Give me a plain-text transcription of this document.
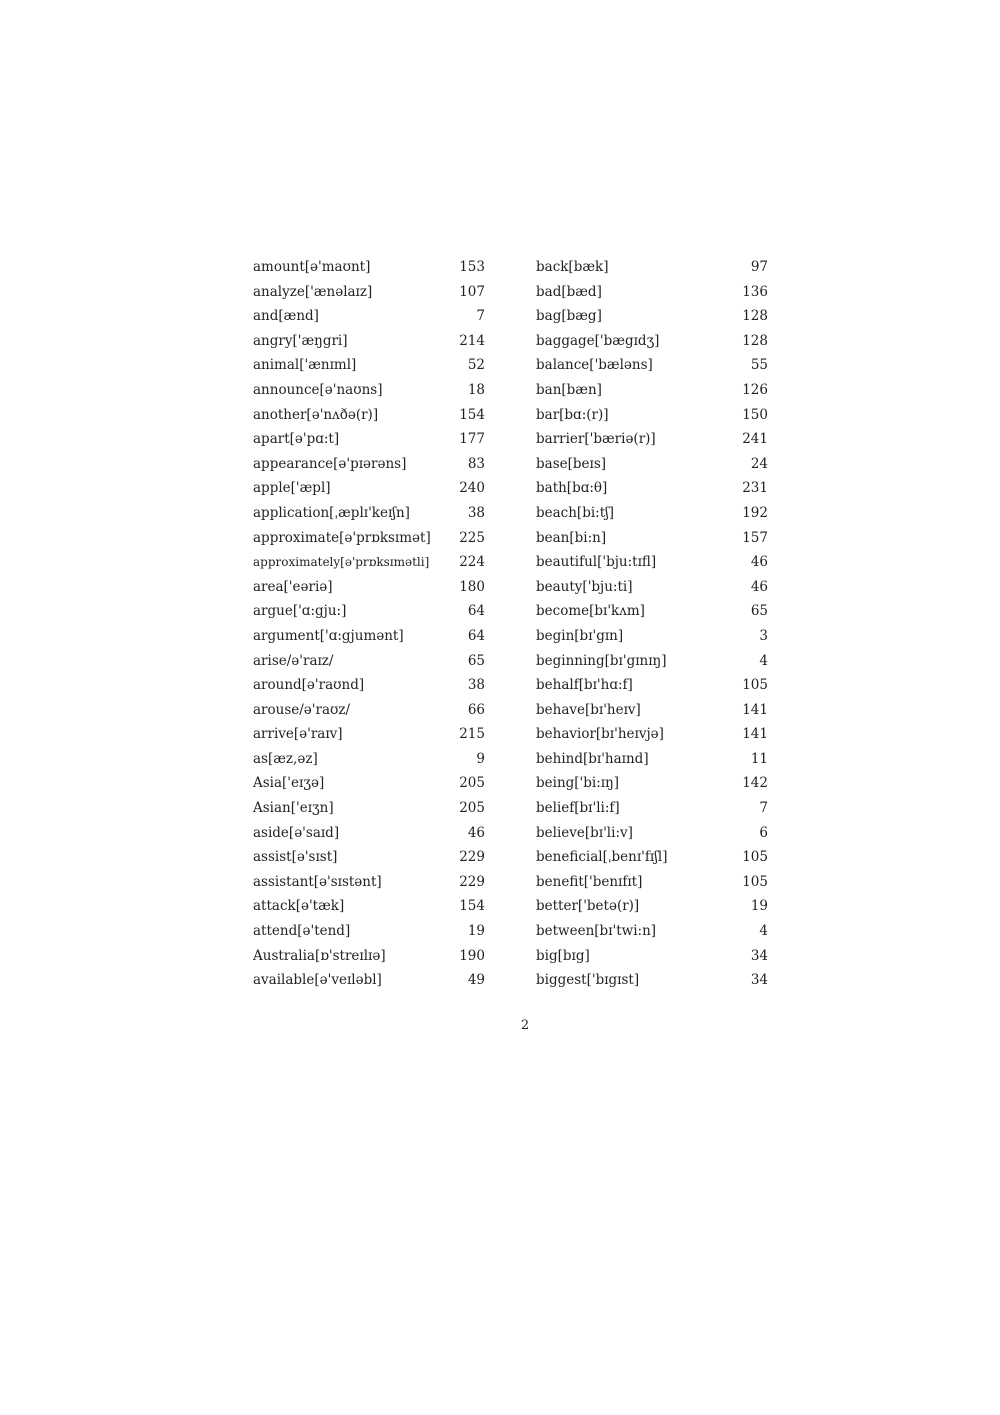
amount[ə'maʊnt]	153
analyze['ænəlaɪz]	107
and[ænd]	7
angry['æŋgri]	214
animal['ænɪml]	52
announce[ə'naʊns]	18
another[ə'nʌðə(r)]	154
apart[ə'pɑ:t]	177
appearance[ə'pɪərəns]	83
apple['æpl]	240
application[ˌæplɪ'keɪʃn]	38
approximate[ə'prɒksɪmət] 225
approximately[ə'prɒksɪmətli] 224
area['eəriə]	180
argue['ɑ:gju:]	64
argument['ɑ:gjumənt]	64
arise/ə'raɪz/	65
around[ə'raʊnd]	38
arouse/ə'raʊz/	66
arrive[ə'raɪv]	215
as[æz,əz]	9
Asia['eɪʒə]	205
Asian['eɪʒn]	205
aside[ə'saɪd]	46
assist[ə'sɪst]	229
assistant[ə'sɪstənt]	229
attack[ə'tæk]	154
attend[ə'tend]	19
Australia[ɒ'streɪlɪə]	190
available[ə'veɪləbl]	49
back[bæk]	97
bad[bæd]	136
bag[bæg]	128
baggage['bægɪdʒ]	128
balance['bæləns]	55
ban[bæn]	126
bar[bɑ:(r)]	150
barrier['bæriə(r)]	241
base[beɪs]	24
bath[bɑ:θ]	231
beach[bi:tʃ]	192
bean[bi:n]	157
beautiful['bju:tɪfl]	46
beauty['bju:ti]	46
become[bɪ'kʌm]	65
begin[bɪ'gɪn]	3
beginning[bɪ'gɪnɪŋ]	4
behalf[bɪ'hɑ:f]	105
behave[bɪ'heɪv]	141
behavior[bɪ'heɪvjə]	141
behind[bɪ'haɪnd]	11
being['bi:ɪŋ]	142
belief[bɪ'li:f]	7
believe[bɪ'li:v]	6
beneficial[ˌbenɪ'fɪʃl]	105
benefit['benɪfɪt]	105
better['betə(r)]	19
between[bɪ'twi:n]	4
big[bɪg]	34
biggest['bɪgɪst]	34
2
